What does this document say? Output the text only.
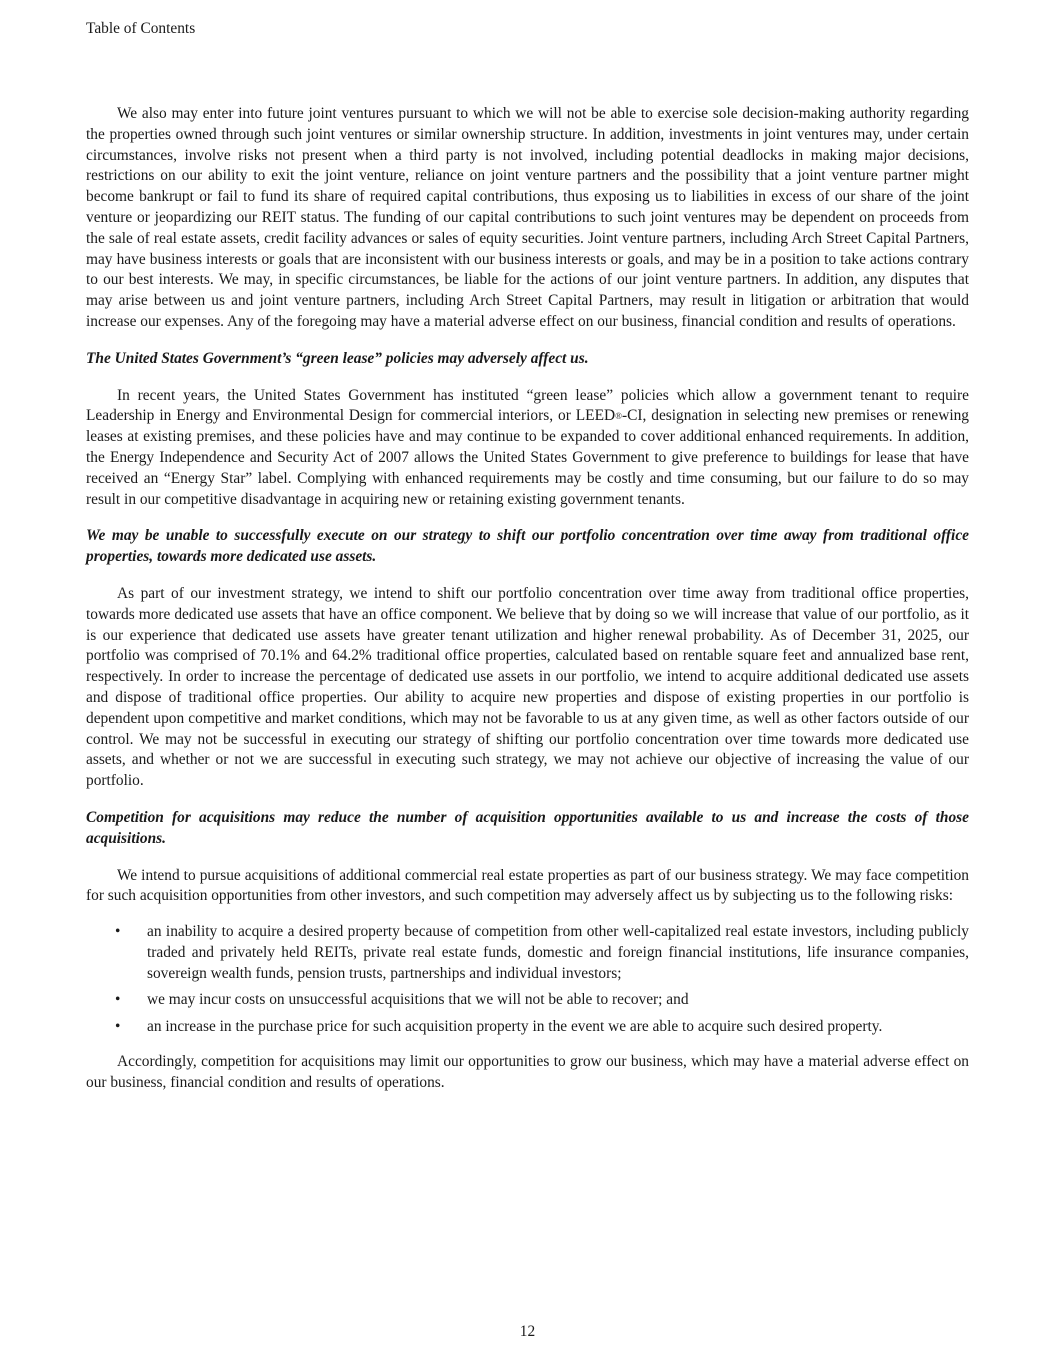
Table of Contents

We also may enter into future joint ventures pursuant to which we will not be able to exercise sole decision-making authority regarding the properties owned through such joint ventures or similar ownership structure. In addition, investments in joint ventures may, under certain circumstances, involve risks not present when a third party is not involved, including potential deadlocks in making major decisions, restrictions on our ability to exit the joint venture, reliance on joint venture partners and the possibility that a joint venture partner might become bankrupt or fail to fund its share of required capital contributions, thus exposing us to liabilities in excess of our share of the joint venture or jeopardizing our REIT status. The funding of our capital contributions to such joint ventures may be dependent on proceeds from the sale of real estate assets, credit facility advances or sales of equity securities. Joint venture partners, including Arch Street Capital Partners, may have business interests or goals that are inconsistent with our business interests or goals, and may be in a position to take actions contrary to our best interests. We may, in specific circumstances, be liable for the actions of our joint venture partners. In addition, any disputes that may arise between us and joint venture partners, including Arch Street Capital Partners, may result in litigation or arbitration that would increase our expenses. Any of the foregoing may have a material adverse effect on our business, financial condition and results of operations.

The United States Government’s “green lease” policies may adversely affect us.

In recent years, the United States Government has instituted “green lease” policies which allow a government tenant to require Leadership in Energy and Environmental Design for commercial interiors, or LEED®-CI, designation in selecting new premises or renewing leases at existing premises, and these policies have and may continue to be expanded to cover additional enhanced requirements. In addition, the Energy Independence and Security Act of 2007 allows the United States Government to give preference to buildings for lease that have received an “Energy Star” label. Complying with enhanced requirements may be costly and time consuming, but our failure to do so may result in our competitive disadvantage in acquiring new or retaining existing government tenants.

We may be unable to successfully execute on our strategy to shift our portfolio concentration over time away from traditional office properties, towards more dedicated use assets.

As part of our investment strategy, we intend to shift our portfolio concentration over time away from traditional office properties, towards more dedicated use assets that have an office component. We believe that by doing so we will increase that value of our portfolio, as it is our experience that dedicated use assets have greater tenant utilization and higher renewal probability. As of December 31, 2025, our portfolio was comprised of 70.1% and 64.2% traditional office properties, calculated based on rentable square feet and annualized base rent, respectively. In order to increase the percentage of dedicated use assets in our portfolio, we intend to acquire additional dedicated use assets and dispose of traditional office properties. Our ability to acquire new properties and dispose of existing properties in our portfolio is dependent upon competitive and market conditions, which may not be favorable to us at any given time, as well as other factors outside of our control. We may not be successful in executing our strategy of shifting our portfolio concentration over time towards more dedicated use assets, and whether or not we are successful in executing such strategy, we may not achieve our objective of increasing the value of our portfolio.

Competition for acquisitions may reduce the number of acquisition opportunities available to us and increase the costs of those acquisitions.

We intend to pursue acquisitions of additional commercial real estate properties as part of our business strategy. We may face competition for such acquisition opportunities from other investors, and such competition may adversely affect us by subjecting us to the following risks:

• an inability to acquire a desired property because of competition from other well-capitalized real estate investors, including publicly traded and privately held REITs, private real estate funds, domestic and foreign financial institutions, life insurance companies, sovereign wealth funds, pension trusts, partnerships and individual investors;
• we may incur costs on unsuccessful acquisitions that we will not be able to recover; and
• an increase in the purchase price for such acquisition property in the event we are able to acquire such desired property.

Accordingly, competition for acquisitions may limit our opportunities to grow our business, which may have a material adverse effect on our business, financial condition and results of operations.

12
